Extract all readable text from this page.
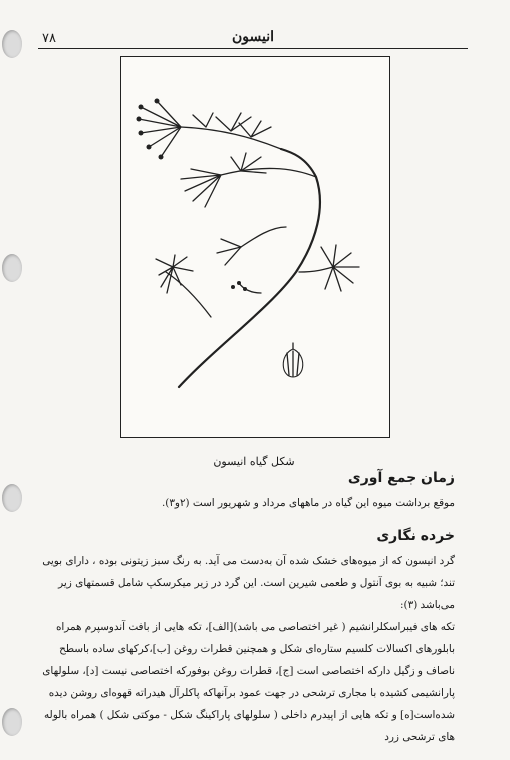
۷۸	انیسون
شکل گیاه انیسون
زمان جمع آوری
موقع برداشت میوه این گیاه در ماههای مرداد و شهریور است (۲و۳).
خرده نگاری
گرد انیسون که از میوه‌های خشک شده آن به‌دست می آید. به رنگ سبز زیتونی بوده ، دارای بویی تند؛ شبیه به بوی آنتول و طعمی شیرین است. این گرد در زیر میکرسکپ شامل قسمتهای زیر می‌باشد (۳):
تکه های فیبراسکلرانشیم ( غیر اختصاصی می باشد)[الف]، تکه هایی از بافت آندوسپرم همراه بابلورهای اکسالات کلسیم ستاره‌ای شکل و همچنین قطرات روغن [ب]،کرکهای ساده باسطح ناصاف و زگیل دارکه اختصاصی است [ج]، قطرات روغن بوفورکه اختصاصی نیست [د]، سلولهای پارانشیمی کشیده با مجاری ترشحی در جهت عمود برآنهاکه پاکلرآل هیدراته قهوه‌ای روشن دیده شده‌است[ه] و تکه هایی از اپیدرم داخلی ( سلولهای پاراکینگ شکل - موکتی شکل ) همراه بالوله های ترشحی زرد
